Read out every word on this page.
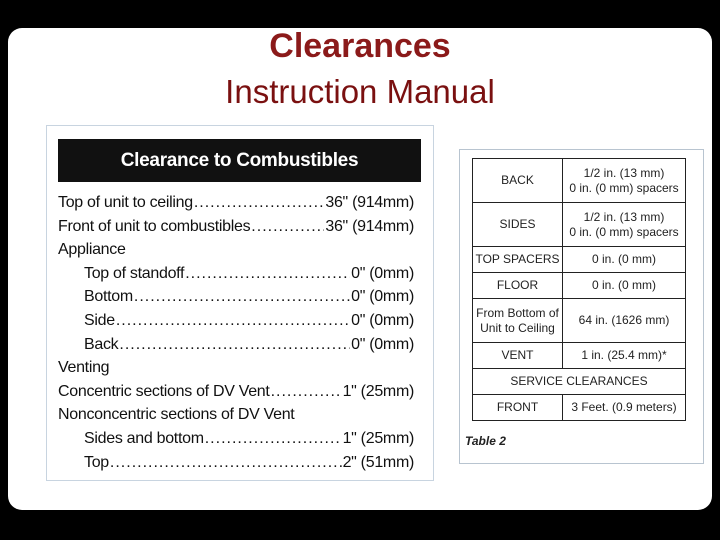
Clearances
Instruction Manual
Clearance to Combustibles
Top of unit to ceiling .....	36" (914mm)
Front of unit to combustibles .....	36" (914mm)
Appliance
Top of standoff .....	0" (0mm)
Bottom .....	0" (0mm)
Side .....	0" (0mm)
Back .....	0" (0mm)
Venting
Concentric sections of DV Vent .....	1" (25mm)
Nonconcentric sections of DV Vent
Sides and bottom .....	1" (25mm)
Top .....	2" (51mm)
BACK	1/2 in. (13 mm)
0 in. (0 mm) spacers
SIDES	1/2 in. (13 mm)
0 in. (0 mm) spacers
TOP SPACERS	0 in. (0 mm)
FLOOR	0 in. (0 mm)
From Bottom of
Unit to Ceiling	64 in. (1626 mm)
VENT	1 in. (25.4 mm)*
SERVICE CLEARANCES	
FRONT	3 Feet. (0.9 meters)
Table 2
